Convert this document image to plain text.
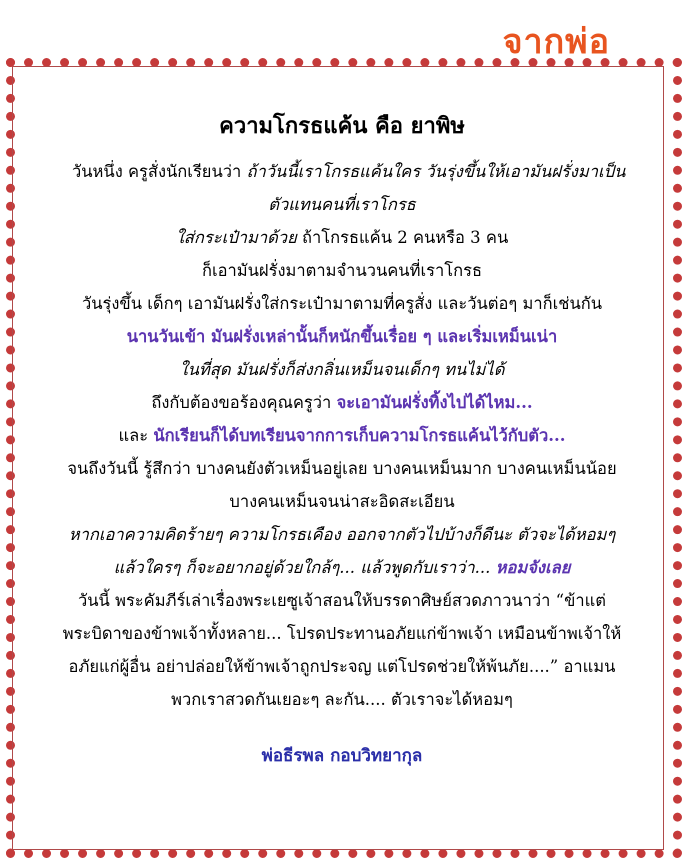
จากพ่อ
ความโกรธแค้น คือ ยาพิษ
วันหนึ่ง ครูสั่งนักเรียนว่า ถ้าวันนี้เราโกรธแค้นใคร วันรุ่งขึ้นให้เอามันฝรั่งมาเป็น
ตัวแทนคนที่เราโกรธ
ใส่กระเป๋ามาด้วย ถ้าโกรธแค้น 2 คนหรือ 3 คน
ก็เอามันฝรั่งมาตามจำนวนคนที่เราโกรธ
วันรุ่งขึ้น เด็กๆ เอามันฝรั่งใส่กระเป๋ามาตามที่ครูสั่ง และวันต่อๆ มาก็เช่นกัน
นานวันเข้า มันฝรั่งเหล่านั้นก็หนักขึ้นเรื่อย ๆ และเริ่มเหม็นเน่า
ในที่สุด มันฝรั่งก็ส่งกลิ่นเหม็นจนเด็กๆ ทนไม่ได้
ถึงกับต้องขอร้องคุณครูว่า จะเอามันฝรั่งทิ้งไปได้ไหม...
และ นักเรียนก็ได้บทเรียนจากการเก็บความโกรธแค้นไว้กับตัว...
จนถึงวันนี้ รู้สึกว่า บางคนยังตัวเหม็นอยู่เลย บางคนเหม็นมาก บางคนเหม็นน้อย
บางคนเหม็นจนน่าสะอิดสะเอียน
หากเอาความคิดร้ายๆ ความโกรธเคือง ออกจากตัวไปบ้างก็ดีนะ ตัวจะได้หอมๆ
แล้วใครๆ ก็จะอยากอยู่ด้วยใกล้ๆ... แล้วพูดกับเราว่า... หอมจังเลย
วันนี้ พระคัมภีร์เล่าเรื่องพระเยซูเจ้าสอนให้บรรดาศิษย์สวดภาวนาว่า “ข้าแต่
พระบิดาของข้าพเจ้าทั้งหลาย... โปรดประทานอภัยแก่ข้าพเจ้า เหมือนข้าพเจ้าให้
อภัยแก่ผู้อื่น อย่าปล่อยให้ข้าพเจ้าถูกประจญ แต่โปรดช่วยให้พ้นภัย....” อาแมน
พวกเราสวดกันเยอะๆ ละกัน.... ตัวเราจะได้หอมๆ
พ่อธีรพล กอบวิทยากุล
